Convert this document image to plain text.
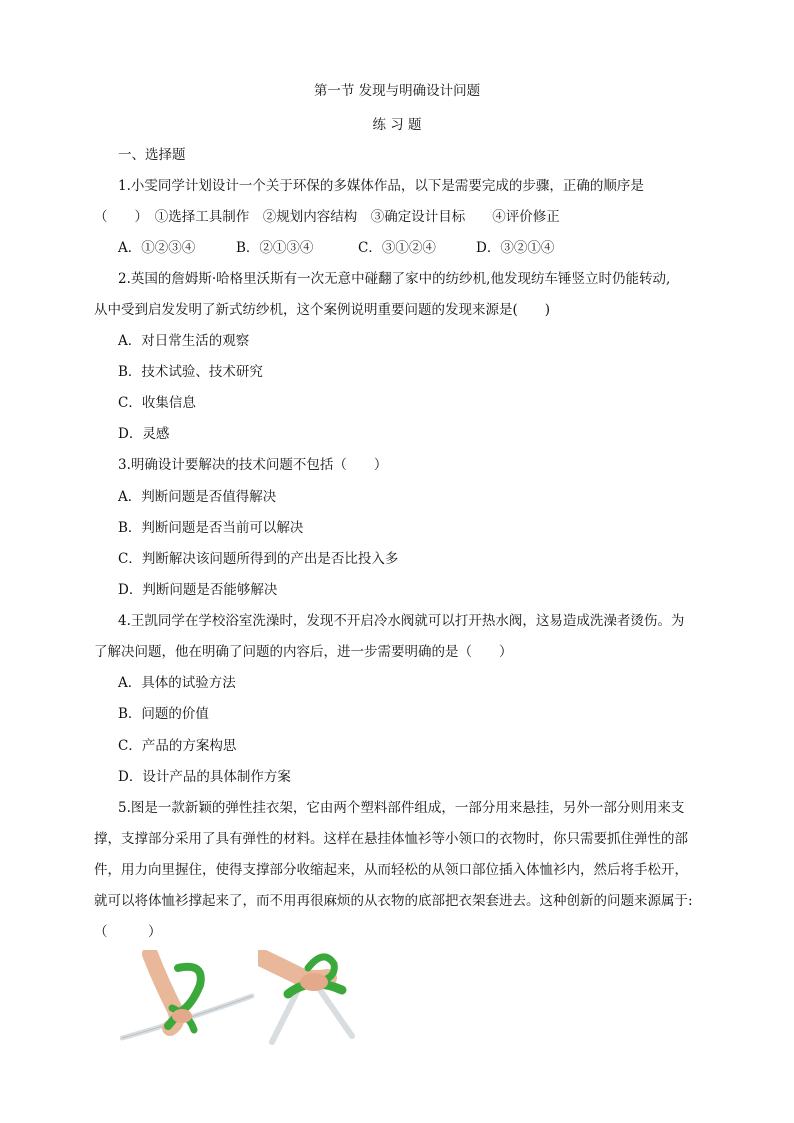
第一节 发现与明确设计问题
练 习 题
一、选择题
1.小雯同学计划设计一个关于环保的多媒体作品，以下是需要完成的步骤，正确的顺序是
（　　）　①选择工具制作　②规划内容结构　③确定设计目标　　④评价修正
A．①②③④	B．②①③④	C．③①②④	D．③②①④
2.英国的詹姆斯·哈格里沃斯有一次无意中碰翻了家中的纺纱机,他发现纺车锤竖立时仍能转动,
从中受到启发发明了新式纺纱机，这个案例说明重要问题的发现来源是(　　)
A．对日常生活的观察
B．技术试验、技术研究
C．收集信息
D．灵感
3.明确设计要解决的技术问题不包括（　　）
A．判断问题是否值得解决
B．判断问题是否当前可以解决
C．判断解决该问题所得到的产出是否比投入多
D．判断问题是否能够解决
4.王凯同学在学校浴室洗澡时，发现不开启冷水阀就可以打开热水阀，这易造成洗澡者烫伤。为
了解决问题，他在明确了问题的内容后，进一步需要明确的是（　　）
A．具体的试验方法
B．问题的价值
C．产品的方案构思
D．设计产品的具体制作方案
5.图是一款新颖的弹性挂衣架，它由两个塑料部件组成，一部分用来悬挂，另外一部分则用来支
撑，支撑部分采用了具有弹性的材料。这样在悬挂体恤衫等小领口的衣物时，你只需要抓住弹性的部
件，用力向里握住，使得支撑部分收缩起来，从而轻松的从领口部位插入体恤衫内，然后将手松开，
就可以将体恤衫撑起来了，而不用再很麻烦的从衣物的底部把衣架套进去。这种创新的问题来源属于:
（　　　）
